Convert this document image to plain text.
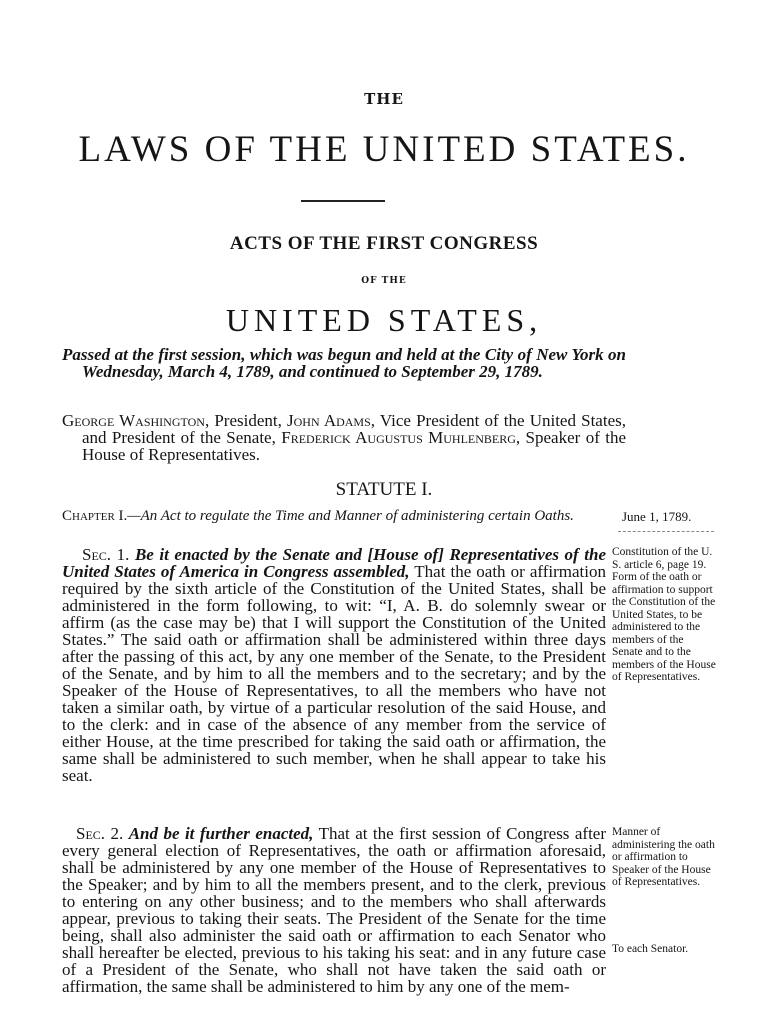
THE
LAWS OF THE UNITED STATES.
ACTS OF THE FIRST CONGRESS
OF THE
UNITED STATES,
Passed at the first session, which was begun and held at the City of New York on Wednesday, March 4, 1789, and continued to September 29, 1789.
George Washington, President, John Adams, Vice President of the United States, and President of the Senate, Frederick Augustus Muhlenberg, Speaker of the House of Representatives.
STATUTE I.
Chapter I.—An Act to regulate the Time and Manner of administering certain Oaths.
Sec. 1. Be it enacted by the Senate and [House of] Representatives of the United States of America in Congress assembled, That the oath or affirmation required by the sixth article of the Constitution of the United States, shall be administered in the form following, to wit: “I, A. B. do solemnly swear or affirm (as the case may be) that I will support the Constitution of the United States.” The said oath or affirmation shall be administered within three days after the passing of this act, by any one member of the Senate, to the President of the Senate, and by him to all the members and to the secretary; and by the Speaker of the House of Representatives, to all the members who have not taken a similar oath, by virtue of a particular resolution of the said House, and to the clerk: and in case of the absence of any member from the service of either House, at the time prescribed for taking the said oath or affirmation, the same shall be administered to such member, when he shall appear to take his seat.
Sec. 2. And be it further enacted, That at the first session of Congress after every general election of Representatives, the oath or affirmation aforesaid, shall be administered by any one member of the House of Representatives to the Speaker; and by him to all the members present, and to the clerk, previous to entering on any other business; and to the members who shall afterwards appear, previous to taking their seats. The President of the Senate for the time being, shall also administer the said oath or affirmation to each Senator who shall hereafter be elected, previous to his taking his seat: and in any future case of a President of the Senate, who shall not have taken the said oath or affirmation, the same shall be administered to him by any one of the mem-
June 1, 1789.
Constitution of the U. S. article 6, page 19. Form of the oath or affirmation to support the Constitution of the United States, to be administered to the members of the Senate and to the members of the House of Representatives.
Manner of administering the oath or affirmation to Speaker of the House of Representatives.
To each Senator.
